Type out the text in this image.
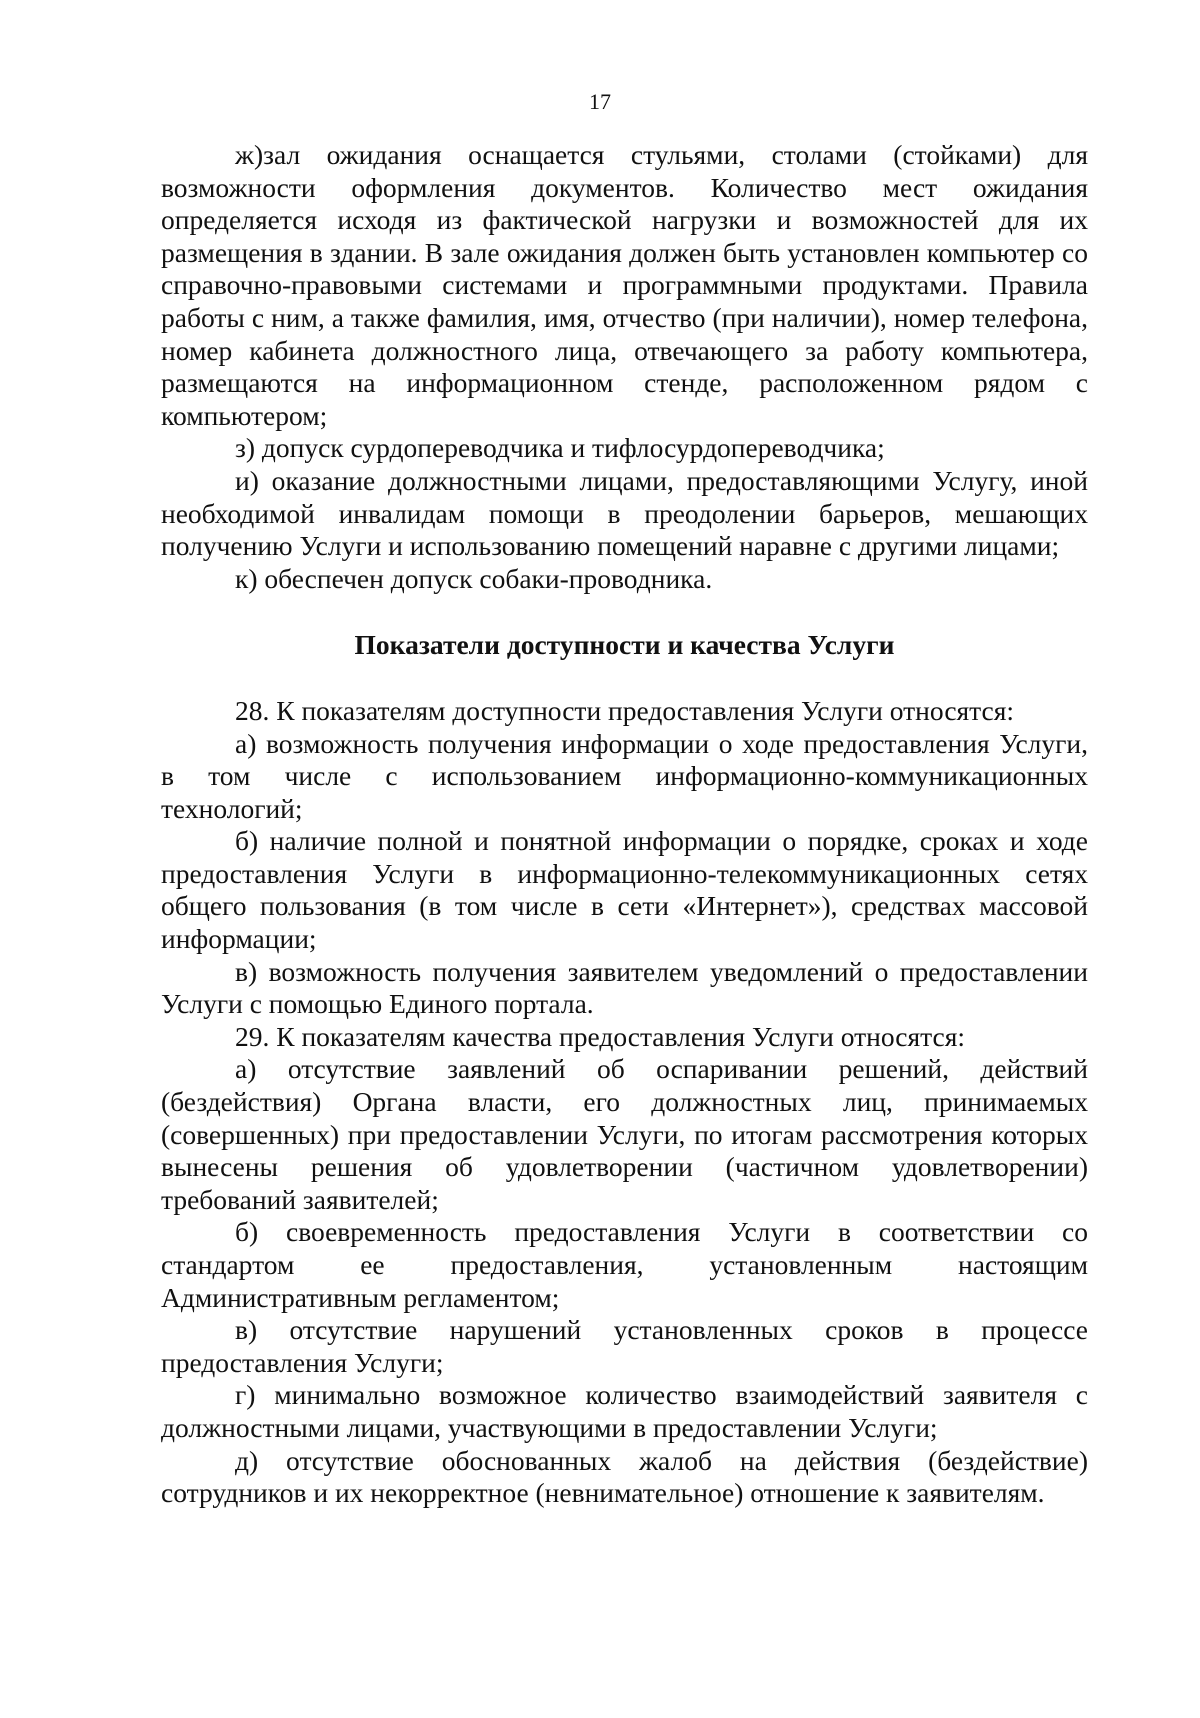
17

ж)зал ожидания оснащается стульями, столами (стойками) для возможности оформления документов. Количество мест ожидания определяется исходя из фактической нагрузки и возможностей для их размещения в здании. В зале ожидания должен быть установлен компьютер со справочно-правовыми системами и программными продуктами. Правила работы с ним, а также фамилия, имя, отчество (при наличии), номер телефона, номер кабинета должностного лица, отвечающего за работу компьютера, размещаются на информационном стенде, расположенном рядом с компьютером;

з) допуск сурдопереводчика и тифлосурдопереводчика;

и) оказание должностными лицами, предоставляющими Услугу, иной необходимой инвалидам помощи в преодолении барьеров, мешающих получению Услуги и использованию помещений наравне с другими лицами;

к) обеспечен допуск собаки-проводника.

Показатели доступности и качества Услуги

28. К показателям доступности предоставления Услуги относятся:

а) возможность получения информации о ходе предоставления Услуги, в том числе с использованием информационно-коммуникационных технологий;

б) наличие полной и понятной информации о порядке, сроках и ходе предоставления Услуги в информационно-телекоммуникационных сетях общего пользования (в том числе в сети «Интернет»), средствах массовой информации;

в) возможность получения заявителем уведомлений о предоставлении Услуги с помощью Единого портала.

29. К показателям качества предоставления Услуги относятся:

а) отсутствие заявлений об оспаривании решений, действий (бездействия) Органа власти, его должностных лиц, принимаемых (совершенных) при предоставлении Услуги, по итогам рассмотрения которых вынесены решения об удовлетворении (частичном удовлетворении) требований заявителей;

б) своевременность предоставления Услуги в соответствии со стандартом ее предоставления, установленным настоящим Административным регламентом;

в) отсутствие нарушений установленных сроков в процессе предоставления Услуги;

г) минимально возможное количество взаимодействий заявителя с должностными лицами, участвующими в предоставлении Услуги;

д) отсутствие обоснованных жалоб на действия (бездействие) сотрудников и их некорректное (невнимательное) отношение к заявителям.
